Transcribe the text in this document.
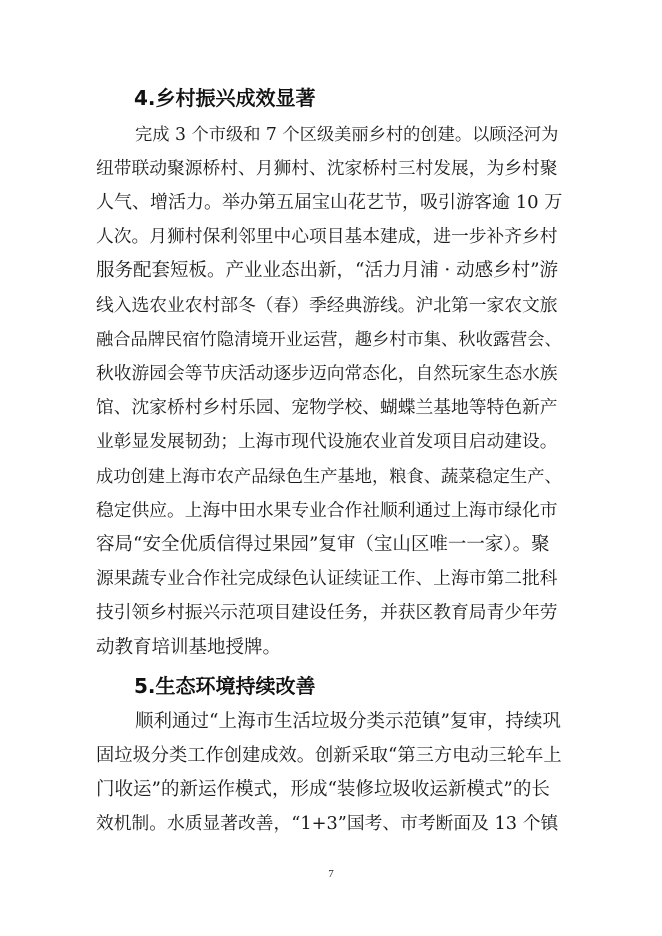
4.乡村振兴成效显著
完成 3 个市级和 7 个区级美丽乡村的创建。以顾泾河为
纽带联动聚源桥村、月狮村、沈家桥村三村发展，为乡村聚
人气、增活力。举办第五届宝山花艺节，吸引游客逾 10 万
人次。月狮村保利邻里中心项目基本建成，进一步补齐乡村
服务配套短板。产业业态出新，“活力月浦 · 动感乡村”游
线入选农业农村部冬（春）季经典游线。沪北第一家农文旅
融合品牌民宿竹隐清境开业运营，趣乡村市集、秋收露营会、
秋收游园会等节庆活动逐步迈向常态化，自然玩家生态水族
馆、沈家桥村乡村乐园、宠物学校、蝴蝶兰基地等特色新产
业彰显发展韧劲；上海市现代设施农业首发项目启动建设。
成功创建上海市农产品绿色生产基地，粮食、蔬菜稳定生产、
稳定供应。上海中田水果专业合作社顺利通过上海市绿化市
容局“安全优质信得过果园”复审（宝山区唯一一家）。聚
源果蔬专业合作社完成绿色认证续证工作、上海市第二批科
技引领乡村振兴示范项目建设任务，并获区教育局青少年劳
动教育培训基地授牌。
5.生态环境持续改善
顺利通过“上海市生活垃圾分类示范镇”复审，持续巩
固垃圾分类工作创建成效。创新采取“第三方电动三轮车上
门收运”的新运作模式，形成“装修垃圾收运新模式”的长
效机制。水质显著改善，“1+3”国考、市考断面及 13 个镇
7
